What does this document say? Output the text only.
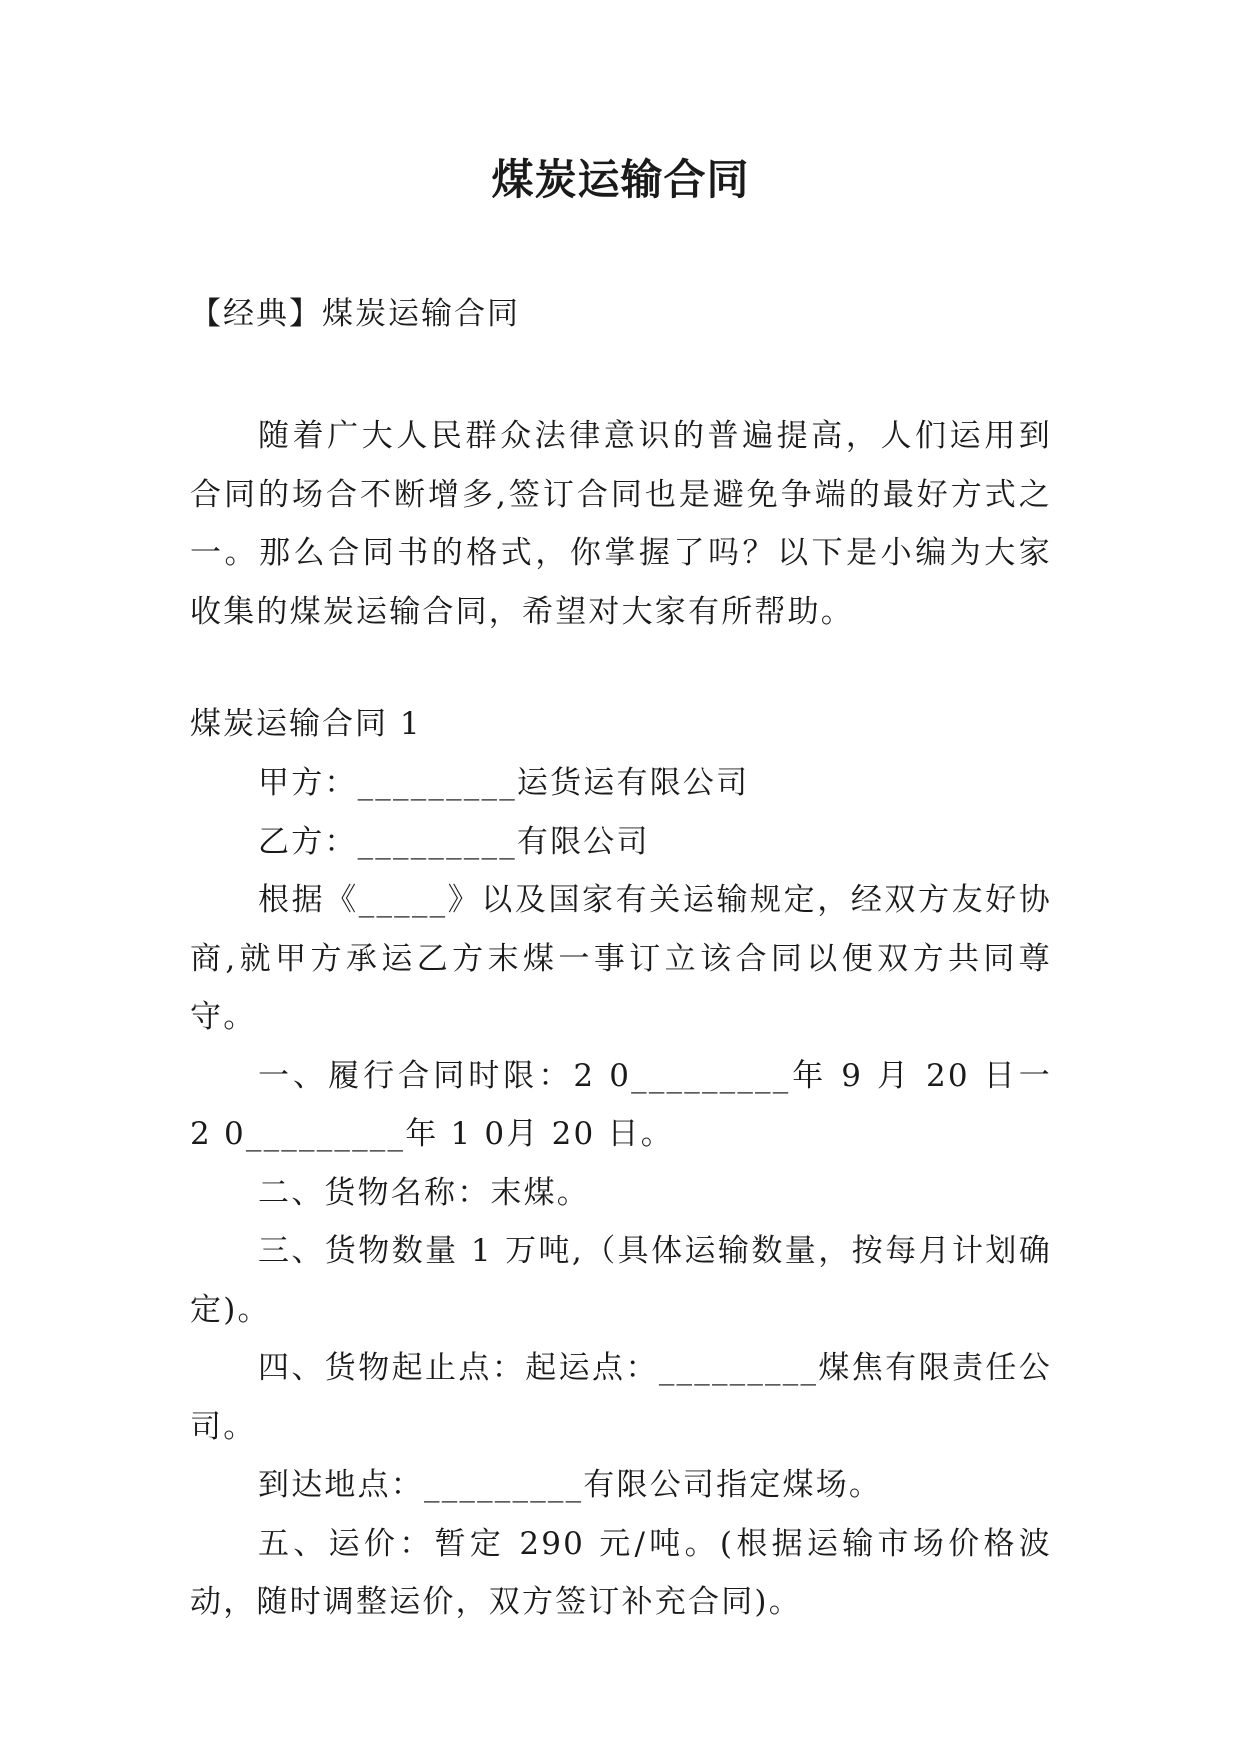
煤炭运输合同
【经典】煤炭运输合同
随着广大人民群众法律意识的普遍提高，人们运用到合同的场合不断增多,签订合同也是避免争端的最好方式之一。那么合同书的格式，你掌握了吗？以下是小编为大家收集的煤炭运输合同，希望对大家有所帮助。
煤炭运输合同 1

甲方：_________运货运有限公司

乙方：_________有限公司

根据《_____》以及国家有关运输规定，经双方友好协商,就甲方承运乙方末煤一事订立该合同以便双方共同尊守。

一、履行合同时限：2 0_________年 9 月 20 日一 2 0_________年 1 0月 20 日。

二、货物名称：末煤。

三、货物数量 1 万吨,（具体运输数量，按每月计划确定)。

四、货物起止点：起运点：_________煤焦有限责任公司。

到达地点：_________有限公司指定煤场。

五、运价：暂定 290 元/吨。(根据运输市场价格波动，随时调整运价，双方签订补充合同)。
